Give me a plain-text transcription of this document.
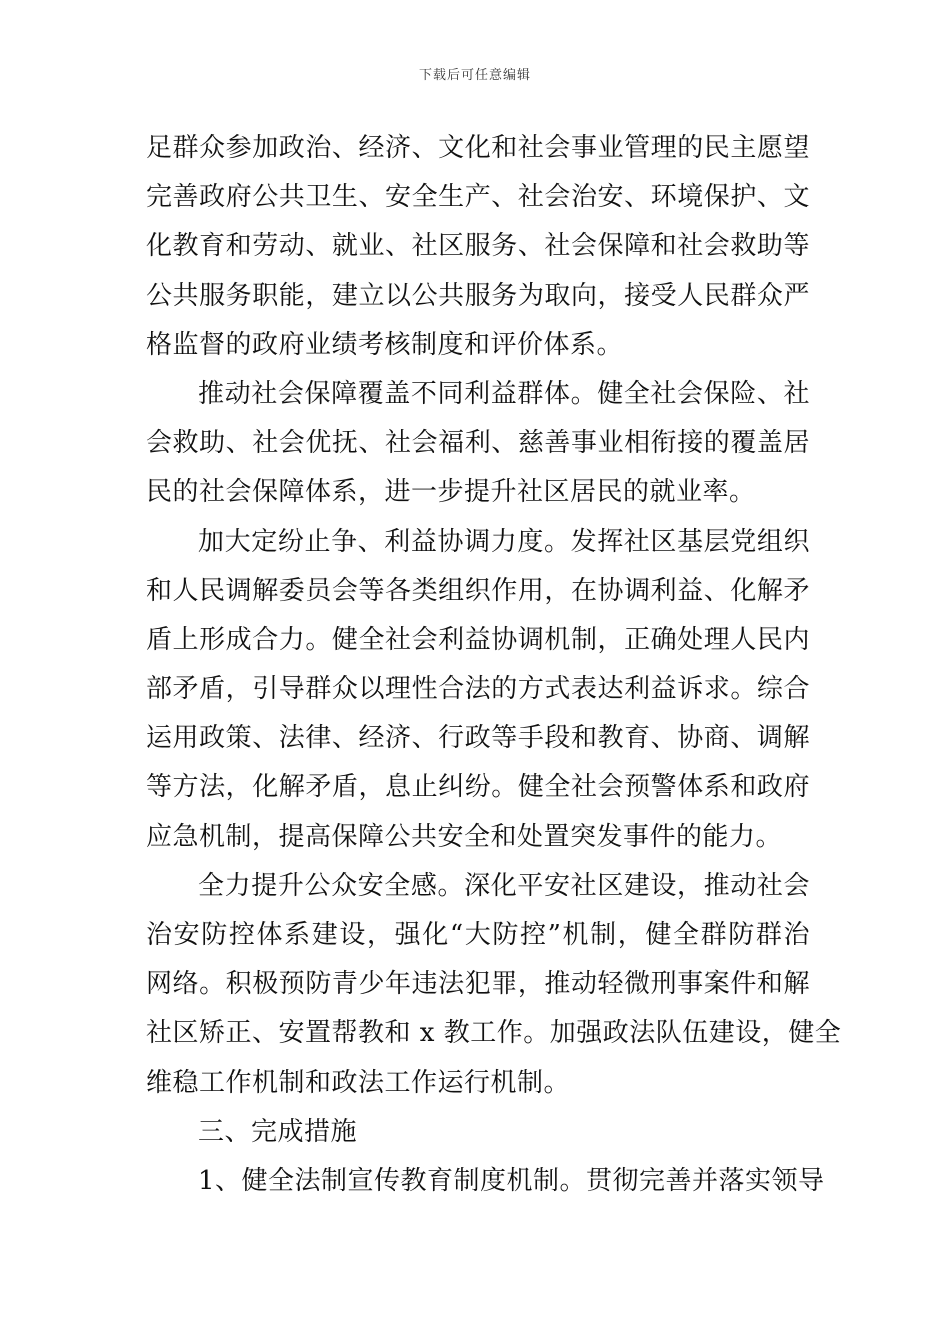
下载后可任意编辑
足群众参加政治、经济、文化和社会事业管理的民主愿望
完善政府公共卫生、安全生产、社会治安、环境保护、文
化教育和劳动、就业、社区服务、社会保障和社会救助等
公共服务职能，建立以公共服务为取向，接受人民群众严
格监督的政府业绩考核制度和评价体系。
推动社会保障覆盖不同利益群体。健全社会保险、社
会救助、社会优抚、社会福利、慈善事业相衔接的覆盖居
民的社会保障体系，进一步提升社区居民的就业率。
加大定纷止争、利益协调力度。发挥社区基层党组织
和人民调解委员会等各类组织作用，在协调利益、化解矛
盾上形成合力。健全社会利益协调机制，正确处理人民内
部矛盾，引导群众以理性合法的方式表达利益诉求。综合
运用政策、法律、经济、行政等手段和教育、协商、调解
等方法，化解矛盾，息止纠纷。健全社会预警体系和政府
应急机制，提高保障公共安全和处置突发事件的能力。
全力提升公众安全感。深化平安社区建设，推动社会
治安防控体系建设，强化“大防控”机制，健全群防群治
网络。积极预防青少年违法犯罪，推动轻微刑事案件和解
社区矫正、安置帮教和 x 教工作。加强政法队伍建设，健全
维稳工作机制和政法工作运行机制。
三、完成措施
1、健全法制宣传教育制度机制。贯彻完善并落实领导
